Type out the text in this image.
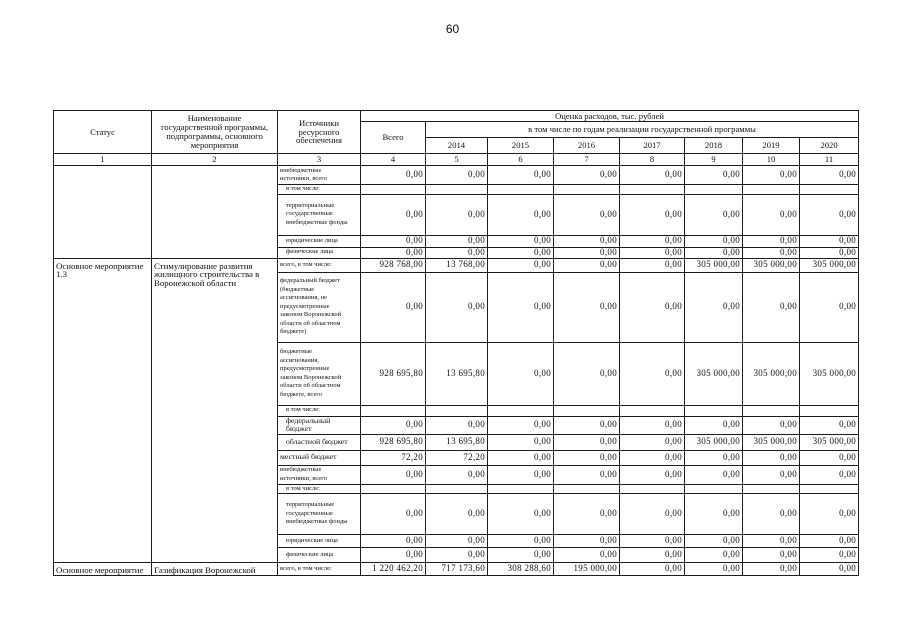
60
Статус	Наименование государственной программы, подпрограммы, основного мероприятия	Источники ресурсного обеспечения	Оценка расходов, тыс. рублей							
			Всего	в том числе по годам реализации государственной программы						
				2014	2015	2016	2017	2018	2019	2020
1	2	3	4	5	6	7	8	9	10	11
		внебюджетные источники, всего	0,00	0,00	0,00	0,00	0,00	0,00	0,00	0,00
		в том числе:								
		территориальные государственные внебюджетные фонды	0,00	0,00	0,00	0,00	0,00	0,00	0,00	0,00
		юридические лица	0,00	0,00	0,00	0,00	0,00	0,00	0,00	0,00
		физические лица	0,00	0,00	0,00	0,00	0,00	0,00	0,00	0,00
Основное мероприятие 1.3	Стимулирование развития жилищного строительства в Воронежской области	всего, в том числе:	928 768,00	13 768,00	0,00	0,00	0,00	305 000,00	305 000,00	305 000,00
		федеральный бюджет (бюджетные ассигнования, не предусмотренные законом Воронежской области об областном бюджете)	0,00	0,00	0,00	0,00	0,00	0,00	0,00	0,00
		бюджетные ассигнования, предусмотренные законом Воронежской области об областном бюджете, всего	928 695,80	13 695,80	0,00	0,00	0,00	305 000,00	305 000,00	305 000,00
		в том числе:								
		федеральный бюджет	0,00	0,00	0,00	0,00	0,00	0,00	0,00	0,00
		областной бюджет	928 695,80	13 695,80	0,00	0,00	0,00	305 000,00	305 000,00	305 000,00
		местный бюджет	72,20	72,20	0,00	0,00	0,00	0,00	0,00	0,00
		внебюджетные источники, всего	0,00	0,00	0,00	0,00	0,00	0,00	0,00	0,00
		в том числе:								
		территориальные государственные внебюджетные фонды	0,00	0,00	0,00	0,00	0,00	0,00	0,00	0,00
		юридические лица	0,00	0,00	0,00	0,00	0,00	0,00	0,00	0,00
		физические лица	0,00	0,00	0,00	0,00	0,00	0,00	0,00	0,00
Основное мероприятие	Газификация Воронежской	всего, в том числе:	1 220 462,20	717 173,60	308 288,60	195 000,00	0,00	0,00	0,00	0,00
